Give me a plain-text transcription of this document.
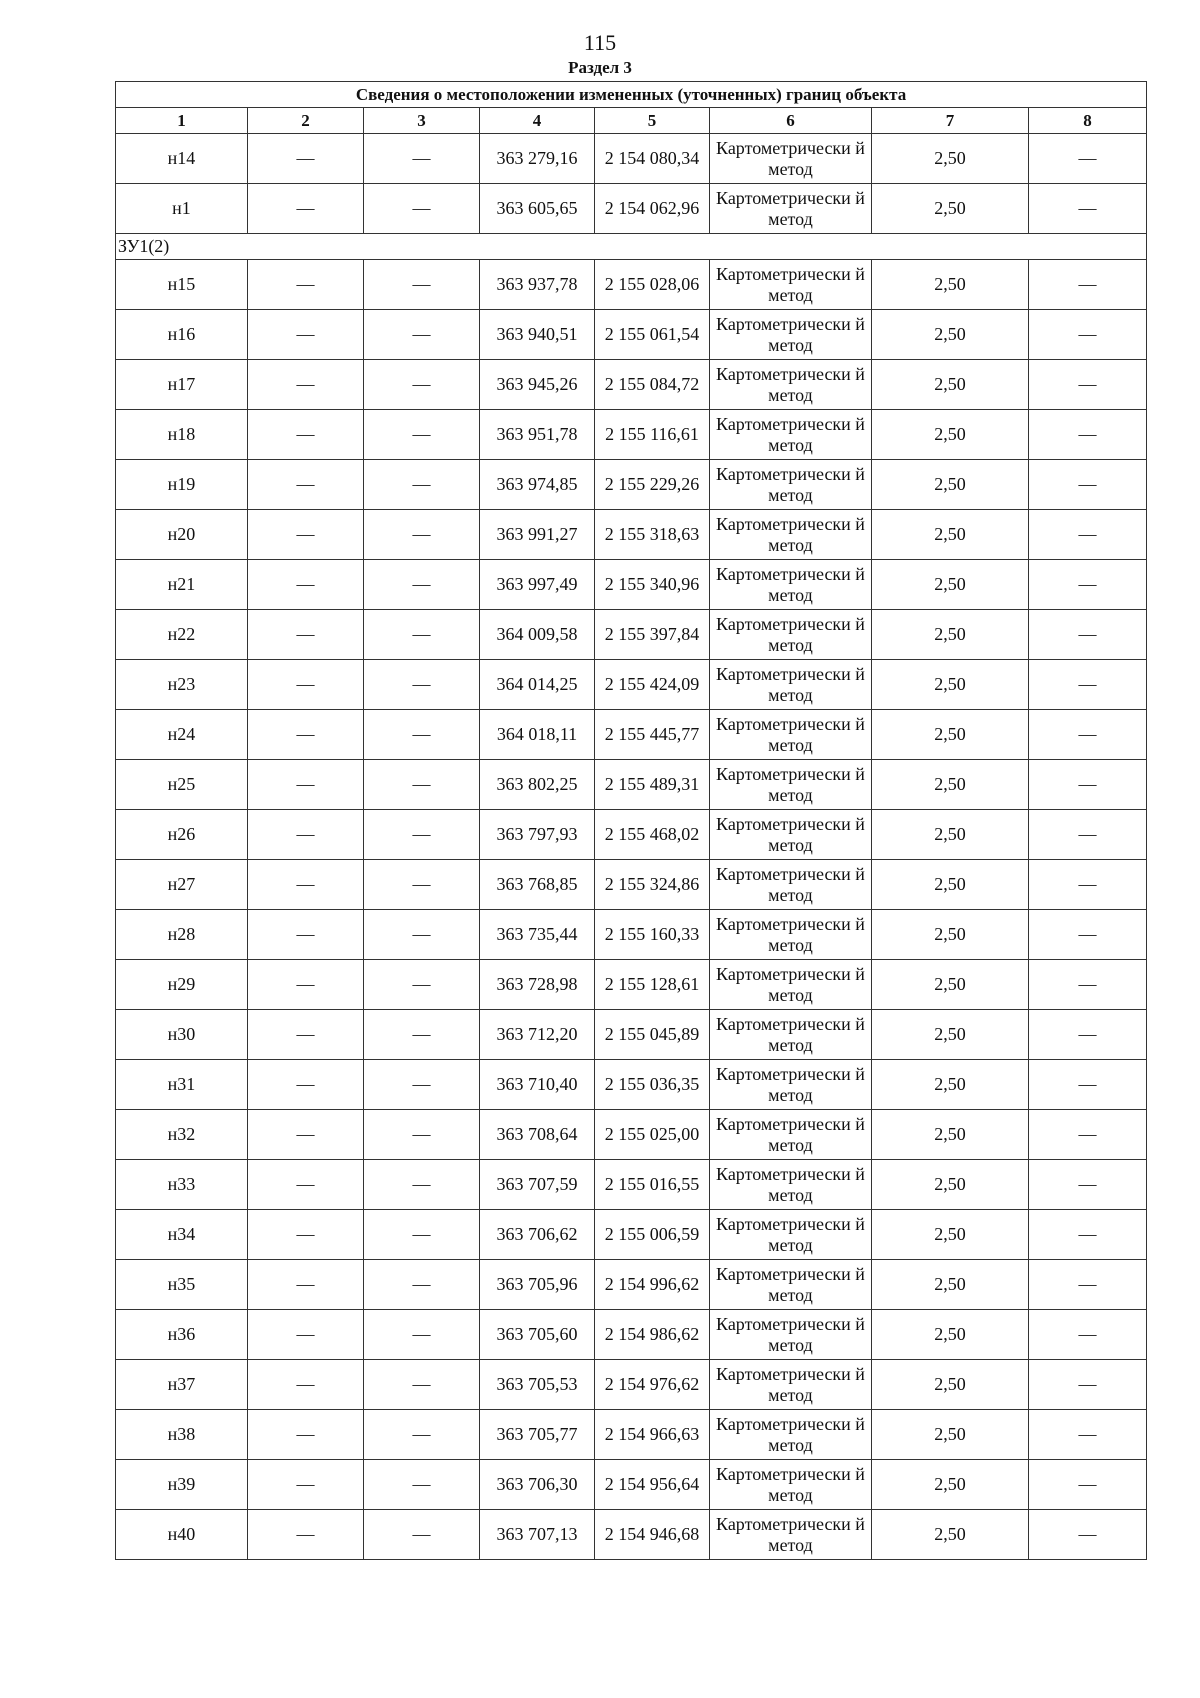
115
Раздел 3
Сведения о местоположении измененных (уточненных) границ объекта							
1	2	3	4	5	6	7	8
н14	—	—	363 279,16	2 154 080,34	Картометрически й метод	2,50	—
н1	—	—	363 605,65	2 154 062,96	Картометрически й метод	2,50	—
ЗУ1(2)							
н15	—	—	363 937,78	2 155 028,06	Картометрически й метод	2,50	—
н16	—	—	363 940,51	2 155 061,54	Картометрически й метод	2,50	—
н17	—	—	363 945,26	2 155 084,72	Картометрически й метод	2,50	—
н18	—	—	363 951,78	2 155 116,61	Картометрически й метод	2,50	—
н19	—	—	363 974,85	2 155 229,26	Картометрически й метод	2,50	—
н20	—	—	363 991,27	2 155 318,63	Картометрически й метод	2,50	—
н21	—	—	363 997,49	2 155 340,96	Картометрически й метод	2,50	—
н22	—	—	364 009,58	2 155 397,84	Картометрически й метод	2,50	—
н23	—	—	364 014,25	2 155 424,09	Картометрически й метод	2,50	—
н24	—	—	364 018,11	2 155 445,77	Картометрически й метод	2,50	—
н25	—	—	363 802,25	2 155 489,31	Картометрически й метод	2,50	—
н26	—	—	363 797,93	2 155 468,02	Картометрически й метод	2,50	—
н27	—	—	363 768,85	2 155 324,86	Картометрически й метод	2,50	—
н28	—	—	363 735,44	2 155 160,33	Картометрически й метод	2,50	—
н29	—	—	363 728,98	2 155 128,61	Картометрически й метод	2,50	—
н30	—	—	363 712,20	2 155 045,89	Картометрически й метод	2,50	—
н31	—	—	363 710,40	2 155 036,35	Картометрически й метод	2,50	—
н32	—	—	363 708,64	2 155 025,00	Картометрически й метод	2,50	—
н33	—	—	363 707,59	2 155 016,55	Картометрически й метод	2,50	—
н34	—	—	363 706,62	2 155 006,59	Картометрически й метод	2,50	—
н35	—	—	363 705,96	2 154 996,62	Картометрически й метод	2,50	—
н36	—	—	363 705,60	2 154 986,62	Картометрически й метод	2,50	—
н37	—	—	363 705,53	2 154 976,62	Картометрически й метод	2,50	—
н38	—	—	363 705,77	2 154 966,63	Картометрически й метод	2,50	—
н39	—	—	363 706,30	2 154 956,64	Картометрически й метод	2,50	—
н40	—	—	363 707,13	2 154 946,68	Картометрически й метод	2,50	—
